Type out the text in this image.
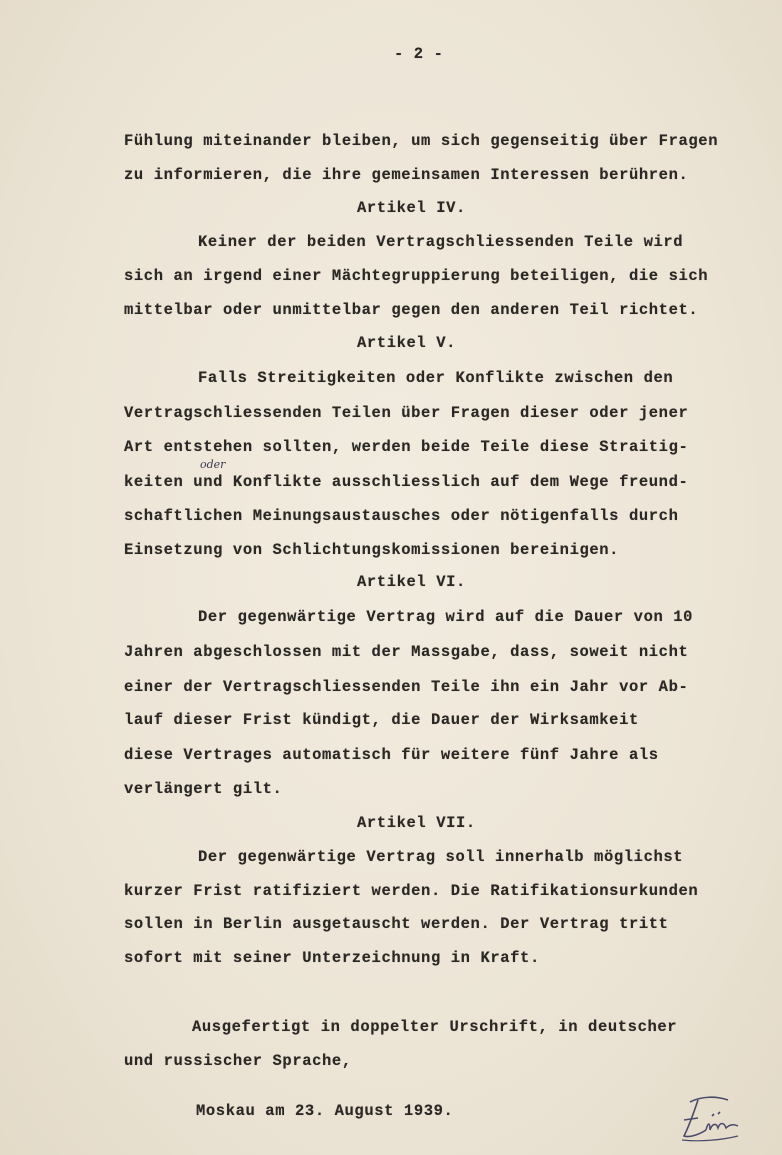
- 2 -
Fühlung miteinander bleiben, um sich gegenseitig über Fragen
zu informieren, die ihre gemeinsamen Interessen berühren.
Artikel IV.
Keiner der beiden Vertragschliessenden Teile wird
sich an irgend einer Mächtegruppierung beteiligen, die sich
mittelbar oder unmittelbar gegen den anderen Teil richtet.
Artikel V.
Falls Streitigkeiten oder Konflikte zwischen den
Vertragschliessenden Teilen über Fragen dieser oder jener
Art entstehen sollten, werden beide Teile diese Straitig-
keiten und Konflikte ausschliesslich auf dem Wege freund-
oder
schaftlichen Meinungsaustausches oder nötigenfalls durch
Einsetzung von Schlichtungskomissionen bereinigen.
Artikel VI.
Der gegenwärtige Vertrag wird auf die Dauer von 10
Jahren abgeschlossen mit der Massgabe, dass, soweit nicht
einer der Vertragschliessenden Teile ihn ein Jahr vor Ab-
lauf dieser Frist kündigt, die Dauer der Wirksamkeit
diese Vertrages automatisch für weitere fünf Jahre als
verlängert gilt.
Artikel VII.
Der gegenwärtige Vertrag soll innerhalb möglichst
kurzer Frist ratifiziert werden. Die Ratifikationsurkunden
sollen in Berlin ausgetauscht werden. Der Vertrag tritt
sofort mit seiner Unterzeichnung in Kraft.
Ausgefertigt in doppelter Urschrift, in deutscher
und russischer Sprache,
Moskau am 23. August 1939.
